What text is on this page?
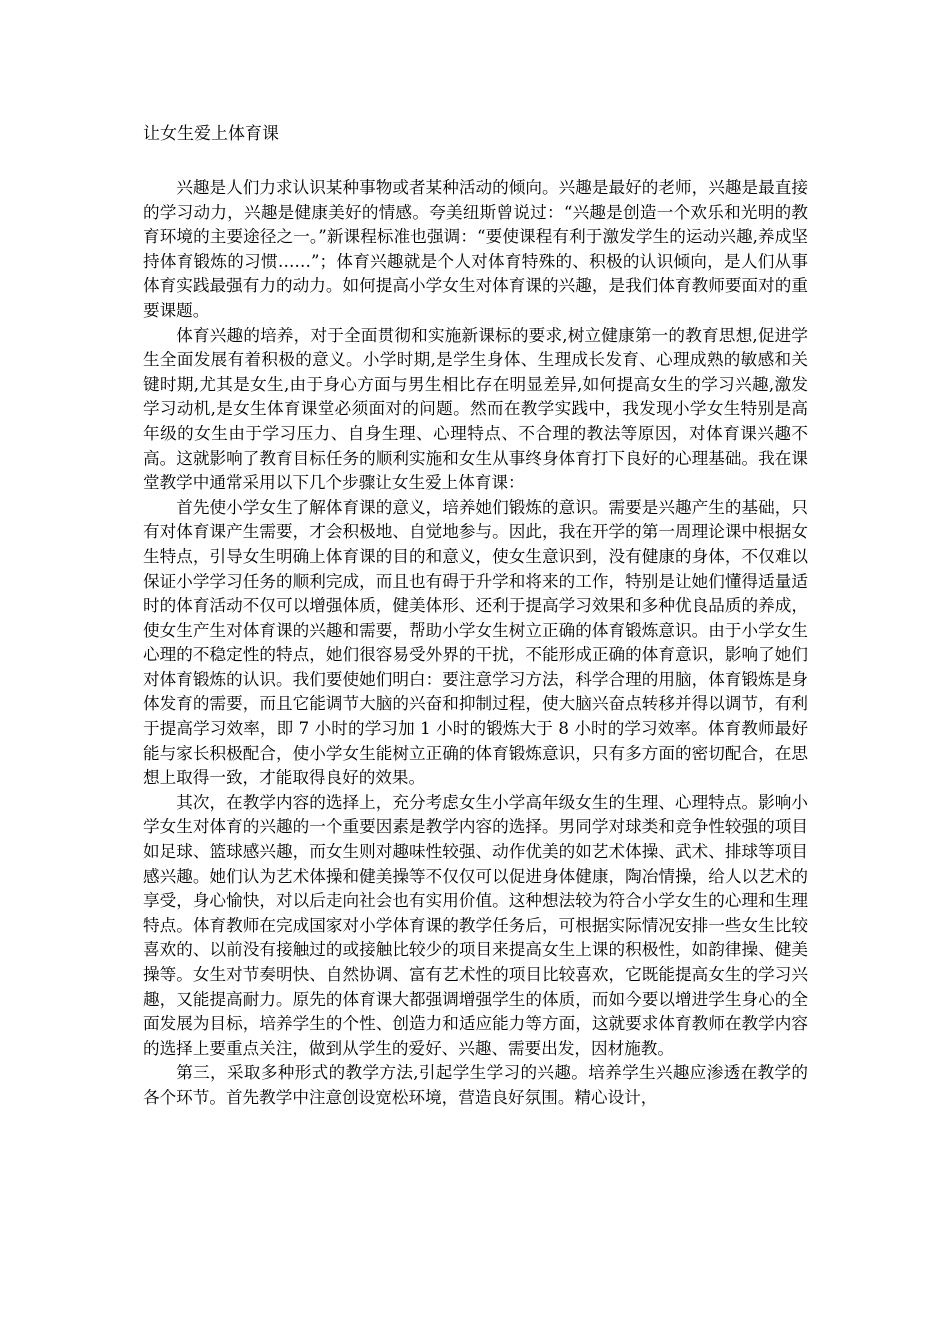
让女生爱上体育课

兴趣是人们力求认识某种事物或者某种活动的倾向。兴趣是最好的老师，兴趣是最直接的学习动力，兴趣是健康美好的情感。夸美纽斯曾说过：“兴趣是创造一个欢乐和光明的教育环境的主要途径之一。”新课程标准也强调：“要使课程有利于激发学生的运动兴趣,养成坚持体育锻炼的习惯……”；体育兴趣就是个人对体育特殊的、积极的认识倾向，是人们从事体育实践最强有力的动力。如何提高小学女生对体育课的兴趣，是我们体育教师要面对的重要课题。

体育兴趣的培养，对于全面贯彻和实施新课标的要求,树立健康第一的教育思想,促进学生全面发展有着积极的意义。小学时期,是学生身体、生理成长发育、心理成熟的敏感和关键时期,尤其是女生,由于身心方面与男生相比存在明显差异,如何提高女生的学习兴趣,激发学习动机,是女生体育课堂必须面对的问题。然而在教学实践中，我发现小学女生特别是高年级的女生由于学习压力、自身生理、心理特点、不合理的教法等原因，对体育课兴趣不高。这就影响了教育目标任务的顺利实施和女生从事终身体育打下良好的心理基础。我在课堂教学中通常采用以下几个步骤让女生爱上体育课：

首先使小学女生了解体育课的意义，培养她们锻炼的意识。需要是兴趣产生的基础，只有对体育课产生需要，才会积极地、自觉地参与。因此，我在开学的第一周理论课中根据女生特点，引导女生明确上体育课的目的和意义，使女生意识到，没有健康的身体，不仅难以保证小学学习任务的顺利完成，而且也有碍于升学和将来的工作，特别是让她们懂得适量适时的体育活动不仅可以增强体质，健美体形、还利于提高学习效果和多种优良品质的养成，使女生产生对体育课的兴趣和需要，帮助小学女生树立正确的体育锻炼意识。由于小学女生心理的不稳定性的特点，她们很容易受外界的干扰，不能形成正确的体育意识，影响了她们对体育锻炼的认识。我们要使她们明白：要注意学习方法，科学合理的用脑，体育锻炼是身体发育的需要，而且它能调节大脑的兴奋和抑制过程，使大脑兴奋点转移并得以调节，有利于提高学习效率，即 7 小时的学习加 1 小时的锻炼大于 8 小时的学习效率。体育教师最好能与家长积极配合，使小学女生能树立正确的体育锻炼意识，只有多方面的密切配合，在思想上取得一致，才能取得良好的效果。

其次，在教学内容的选择上，充分考虑女生小学高年级女生的生理、心理特点。影响小学女生对体育的兴趣的一个重要因素是教学内容的选择。男同学对球类和竞争性较强的项目如足球、篮球感兴趣，而女生则对趣味性较强、动作优美的如艺术体操、武术、排球等项目感兴趣。她们认为艺术体操和健美操等不仅仅可以促进身体健康，陶冶情操，给人以艺术的享受，身心愉快，对以后走向社会也有实用价值。这种想法较为符合小学女生的心理和生理特点。体育教师在完成国家对小学体育课的教学任务后，可根据实际情况安排一些女生比较喜欢的、以前没有接触过的或接触比较少的项目来提高女生上课的积极性，如韵律操、健美操等。女生对节奏明快、自然协调、富有艺术性的项目比较喜欢，它既能提高女生的学习兴趣，又能提高耐力。原先的体育课大都强调增强学生的体质，而如今要以增进学生身心的全面发展为目标，培养学生的个性、创造力和适应能力等方面，这就要求体育教师在教学内容的选择上要重点关注，做到从学生的爱好、兴趣、需要出发，因材施教。

第三，采取多种形式的教学方法,引起学生学习的兴趣。培养学生兴趣应渗透在教学的各个环节。首先教学中注意创设宽松环境，营造良好氛围。精心设计，
